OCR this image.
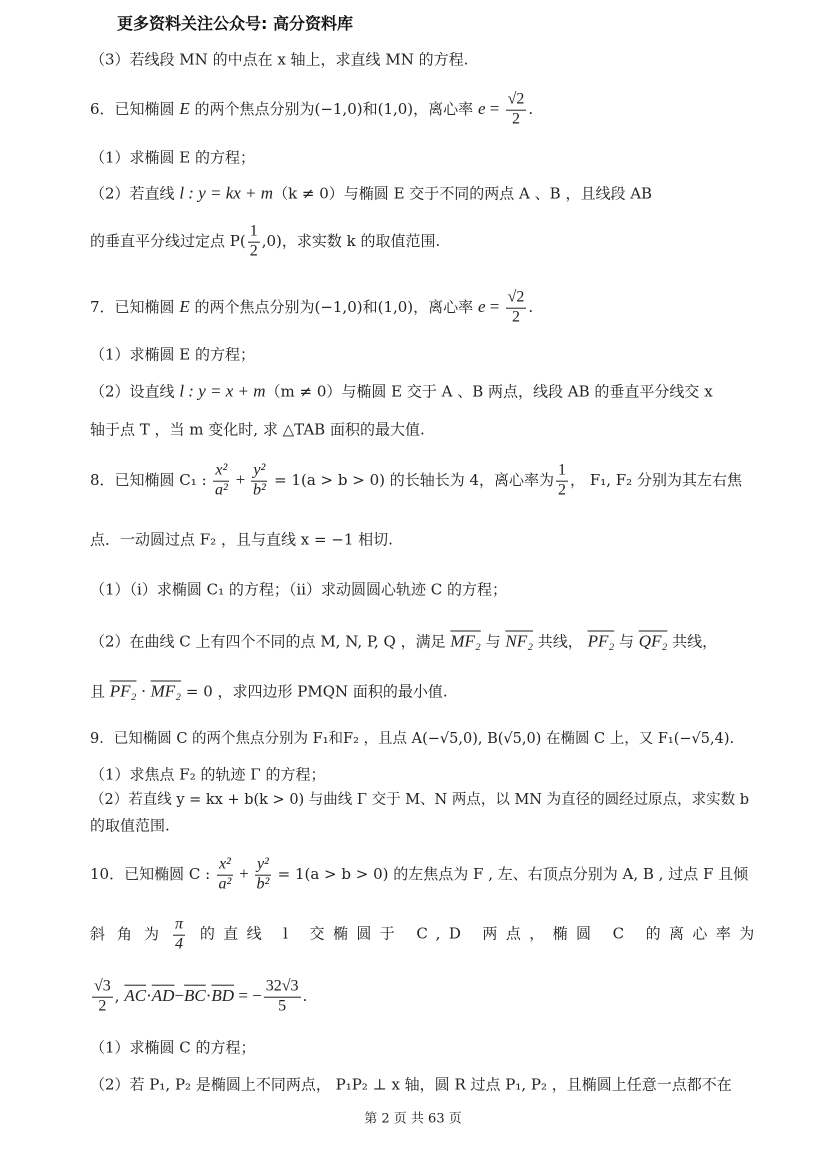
更多资料关注公众号: 高分资料库
（3）若线段 MN 的中点在 x 轴上，求直线 MN 的方程.
6．已知椭圆 E 的两个焦点分别为(−1,0)和(1,0)，离心率 $e = \frac{√2}{2}$ .
（1）求椭圆 E 的方程；
（2）若直线 l : y = kx + m（k ≠ 0）与椭圆 E 交于不同的两点 A 、B ，且线段 AB
的垂直平分线过定点 $P( \frac{1}{2} ,0)$，求实数 k 的取值范围.
7．已知椭圆 E 的两个焦点分别为(−1,0)和(1,0)，离心率 $e = \frac{√2}{2}$ .
（1）求椭圆 E 的方程；
（2）设直线 l : y = x + m（m ≠ 0）与椭圆 E 交于 A 、B 两点，线段 AB 的垂直平分线交 x
轴于点 T ，当 m 变化时, 求 △TAB 面积的最大值.
8．已知椭圆 C₁ : $\frac{\text{x²}}{\text{a²}} + \frac{\text{y²}}{\text{b²}} = 1(a > b > 0)$ 的长轴长为 4，离心率为 $\frac{1}{2}$ ， F₁, F₂ 分别为其左右焦
点．一动圆过点 F₂ ，且与直线 x = −1 相切.
（1）（ⅰ）求椭圆 C₁ 的方程；（ⅱ）求动圆圆心轨迹 C 的方程；
（2）在曲线 C 上有四个不同的点 M, N, P, Q ，满足 MF₂ 与 NF₂ 共线， PF₂ 与 QF₂ 共线，
且 PF₂ · MF₂ = 0 ，求四边形 PMQN 面积的最小值.
9．已知椭圆 C 的两个焦点分别为 F₁和F₂ ，且点 A(−√5,0), B(√5,0) 在椭圆 C 上，又 F₁(−√5,4).
（1）求焦点 F₂ 的轨迹 Γ 的方程；
（2）若直线 y = kx + b(k > 0) 与曲线 Γ 交于 M、N 两点，以 MN 为直径的圆经过原点，求实数 b
的取值范围.
10．已知椭圆 C : $\frac{\text{x²}}{\text{a²}} + \frac{\text{y²}}{\text{b²}} = 1(a > b > 0)$ 的左焦点为 F , 左、右顶点分别为 A, B , 过点 F 且倾
斜角为 $\frac{\pi}{4}$ 的直线 l 交椭圆于 C,D 两点，椭圆 C 的离心率为
$\frac{√3}{2}$ , $\overline{AC}\cdot\overline{AD}-\overline{BC}\cdot\overline{BD}$ = − $\frac{32√3}{5}$ .
（1）求椭圆 C 的方程；
（2）若 P₁, P₂ 是椭圆上不同两点， P₁P₂ ⊥ x 轴，圆 R 过点 P₁, P₂ ，且椭圆上任意一点都不在
第 2 页 共 63 页
